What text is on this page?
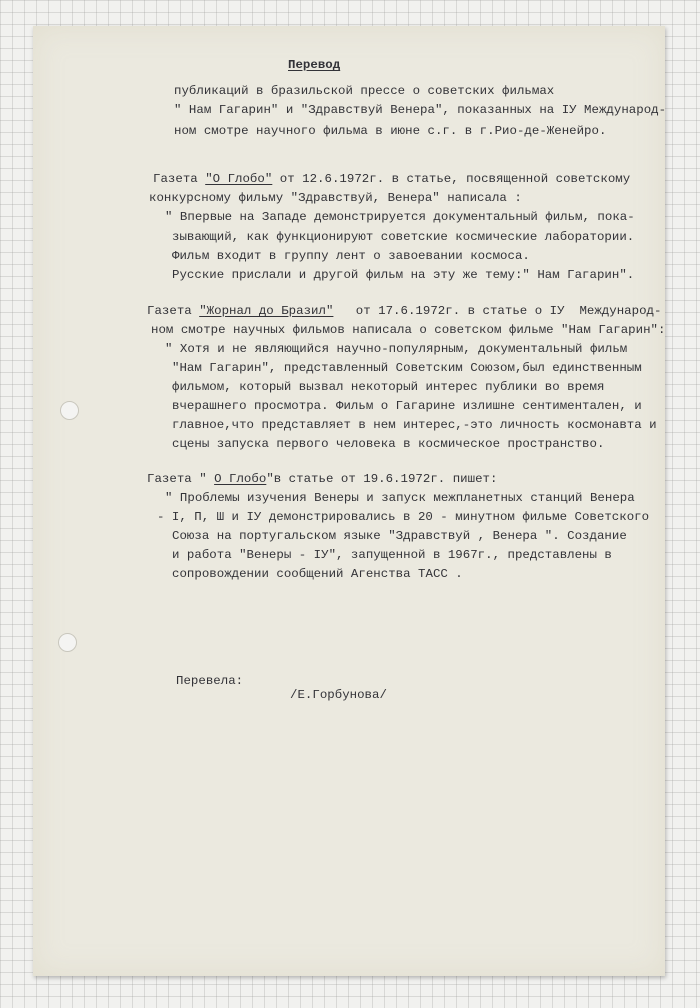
Перевод
публикаций в бразильской прессе о советских фильмах
" Нам Гагарин" и "Здравствуй Венера", показанных на IУ Международ-
ном смотре научного фильма в июне с.г. в г.Рио-де-Женейро.
Газета "О Глобо" от 12.6.1972г. в статье, посвященной советскому
конкурсному фильму "Здравствуй, Венера" написала :
" Впервые на Западе демонстрируется документальный фильм, пока-
зывающий, как функционируют советские космические лаборатории.
Фильм входит в группу лент о завоевании космоса.
Русские прислали и другой фильм на эту же тему:" Нам Гагарин".
Газета "Жорнал до Бразил"   от 17.6.1972г. в статье о IУ  Международ-
ном смотре научных фильмов написала о советском фильме "Нам Гагарин":
" Хотя и не являющийся научно-популярным, документальный фильм
"Нам Гагарин", представленный Советским Союзом,был единственным
фильмом, который вызвал некоторый интерес публики во время
вчерашнего просмотра. Фильм о Гагарине излишне сентиментален, и
главное,что представляет в нем интерес,-это личность космонавта и
сцены запуска первого человека в космическое пространство.
Газета " О Глобо"в статье от 19.6.1972г. пишет:
" Проблемы изучения Венеры и запуск межпланетных станций Венера
- I, П, Ш и IУ демонстрировались в 20 - минутном фильме Советского
Союза на португальском языке "Здравствуй , Венера ". Создание
и работа "Венеры - IУ", запущенной в 1967г., представлены в
сопровождении сообщений Агенства ТАСС .
Перевела:
/Е.Горбунова/
